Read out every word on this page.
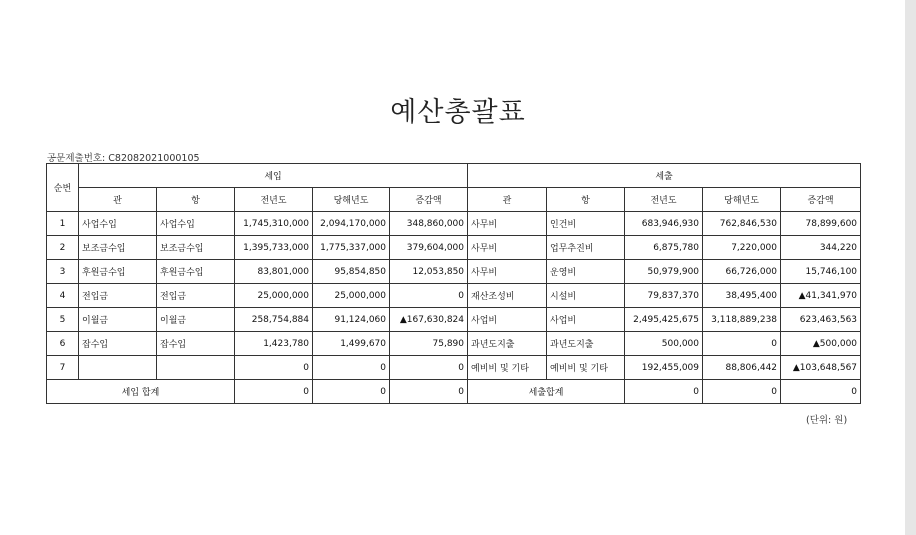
예산총괄표
공문제출번호: C82082021000105
순번	세입					세출				
	관	항	전년도	당해년도	증감액	관	항	전년도	당해년도	증감액
1	사업수입	사업수입	1,745,310,000	2,094,170,000	348,860,000	사무비	인건비	683,946,930	762,846,530	78,899,600
2	보조금수입	보조금수입	1,395,733,000	1,775,337,000	379,604,000	사무비	업무추진비	6,875,780	7,220,000	344,220
3	후원금수입	후원금수입	83,801,000	95,854,850	12,053,850	사무비	운영비	50,979,900	66,726,000	15,746,100
4	전입금	전입금	25,000,000	25,000,000	0	재산조성비	시설비	79,837,370	38,495,400	▲41,341,970
5	이월금	이월금	258,754,884	91,124,060	▲167,630,824	사업비	사업비	2,495,425,675	3,118,889,238	623,463,563
6	잡수입	잡수입	1,423,780	1,499,670	75,890	과년도지출	과년도지출	500,000	0	▲500,000
7			0	0	0	예비비 및 기타	예비비 및 기타	192,455,009	88,806,442	▲103,648,567
세입 합계			0	0	0	세출합계		0	0	0
(단위: 원)
